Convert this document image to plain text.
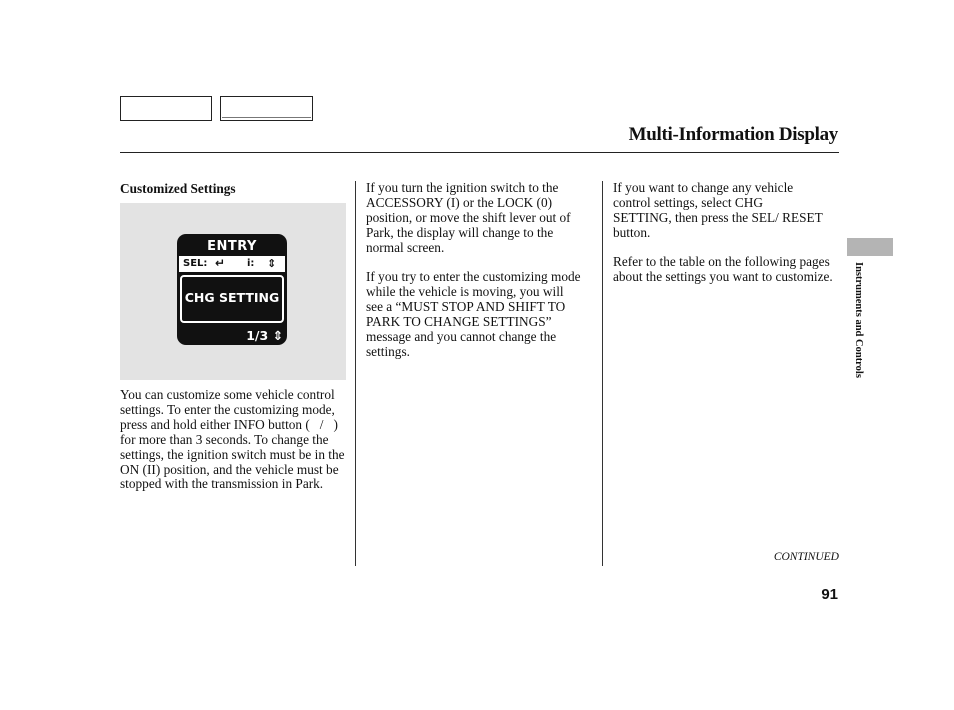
Multi-Information Display

Customized Settings

ENTRY
SEL: ↵ i: ⇕
CHG SETTING
1/3 ⇕

You can customize some vehicle control settings. To enter the customizing mode, press and hold either INFO button (   /   ) for more than 3 seconds. To change the settings, the ignition switch must be in the ON (II) position, and the vehicle must be stopped with the transmission in Park.

If you turn the ignition switch to the ACCESSORY (I) or the LOCK (0) position, or move the shift lever out of Park, the display will change to the normal screen.

If you try to enter the customizing mode while the vehicle is moving, you will see a “MUST STOP AND SHIFT TO PARK TO CHANGE SETTINGS” message and you cannot change the settings.

If you want to change any vehicle control settings, select CHG SETTING, then press the SEL/ RESET button.

Refer to the table on the following pages about the settings you want to customize.	Instruments and Controls
CONTINUED
91
